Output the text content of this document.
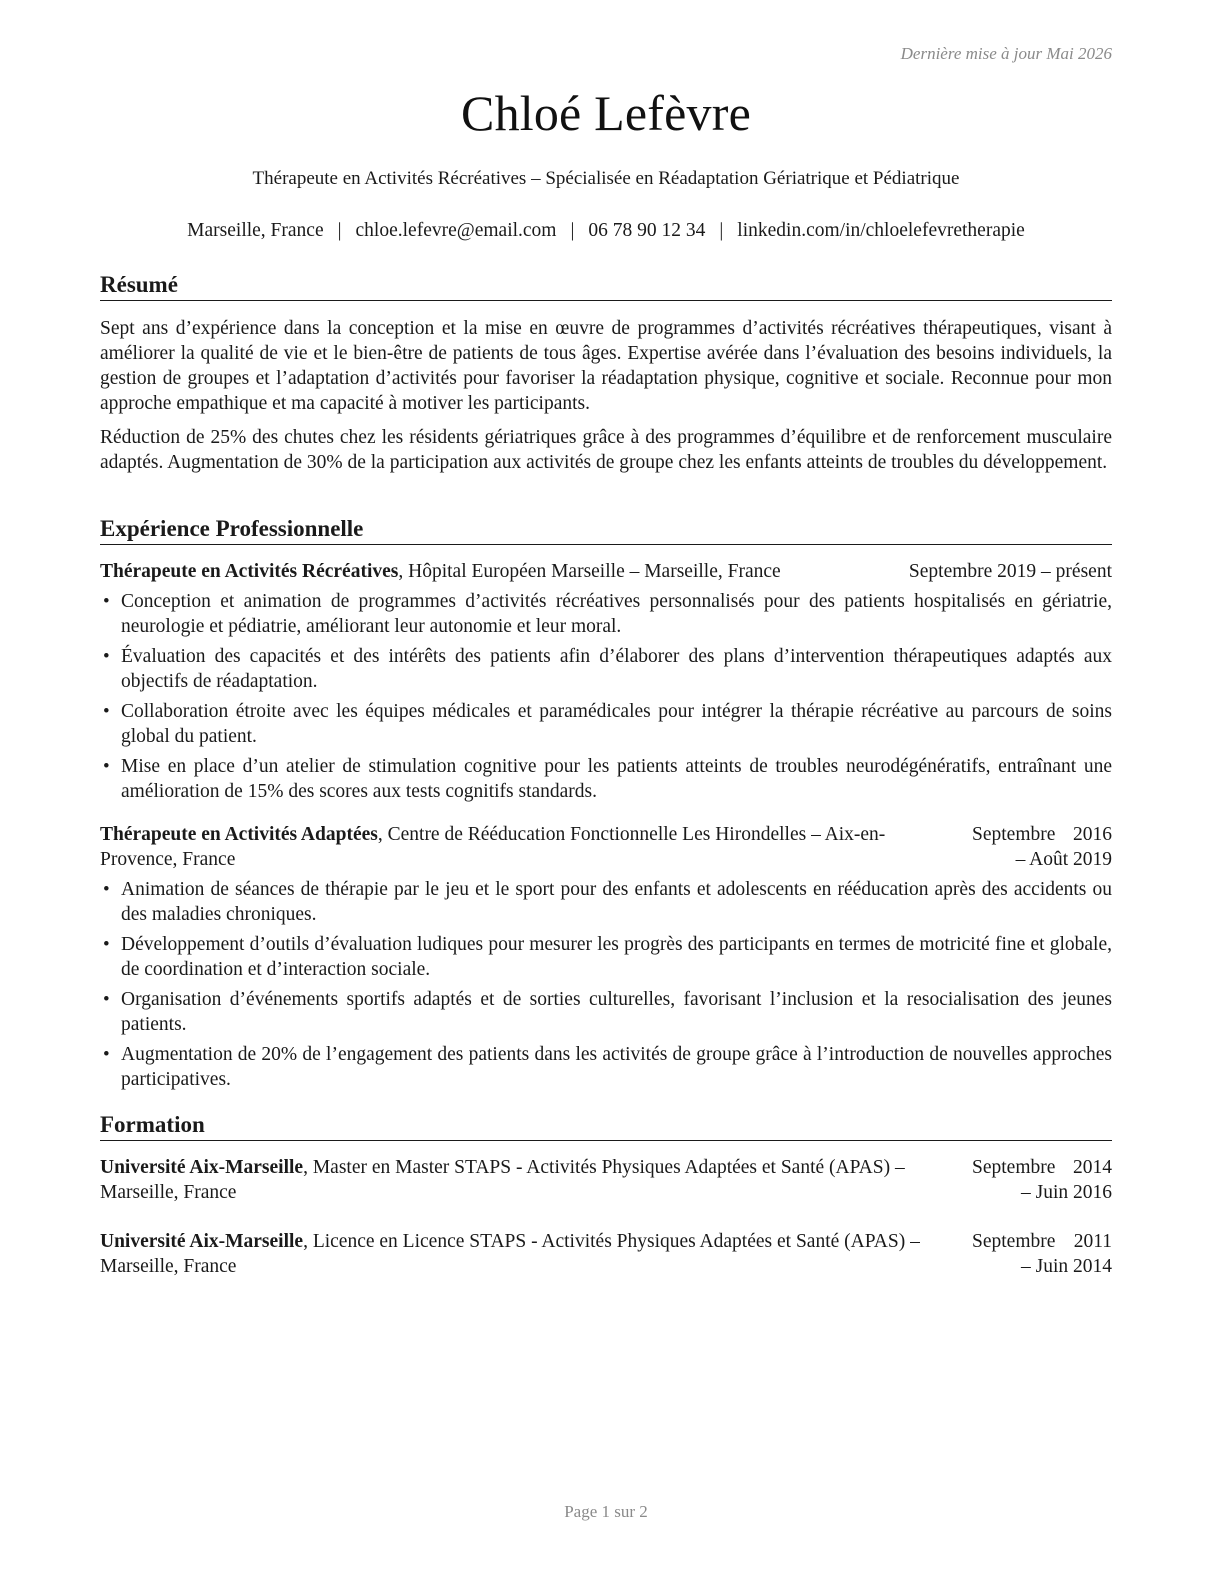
Dernière mise à jour Mai 2026
Chloé Lefèvre
Thérapeute en Activités Récréatives – Spécialisée en Réadaptation Gériatrique et Pédiatrique
Marseille, France | chloe.lefevre@email.com | 06 78 90 12 34 | linkedin.com/in/chloelefevretherapie
Résumé

Sept ans d’expérience dans la conception et la mise en œuvre de programmes d’activités récréatives thérapeutiques, visant à améliorer la qualité de vie et le bien-être de patients de tous âges. Expertise avérée dans l’évaluation des besoins individuels, la gestion de groupes et l’adaptation d’activités pour favoriser la réadaptation physique, cognitive et sociale. Reconnue pour mon approche empathique et ma capacité à motiver les participants.

Réduction de 25% des chutes chez les résidents gériatriques grâce à des programmes d’équilibre et de renforcement musculaire adaptés. Augmentation de 30% de la participation aux activités de groupe chez les enfants atteints de troubles du développement.

Expérience Professionnelle
Thérapeute en Activités Récréatives, Hôpital Européen Marseille – Marseille, France	Septembre 2019 – présent
• Conception et animation de programmes d’activités récréatives personnalisés pour des patients hospitalisés en gériatrie, neurologie et pédiatrie, améliorant leur autonomie et leur moral.
• Évaluation des capacités et des intérêts des patients afin d’élaborer des plans d’intervention thérapeutiques adaptés aux objectifs de réadaptation.
• Collaboration étroite avec les équipes médicales et paramédicales pour intégrer la thérapie récréative au parcours de soins global du patient.
• Mise en place d’un atelier de stimulation cognitive pour les patients atteints de troubles neurodégénératifs, entraînant une amélioration de 15% des scores aux tests cognitifs standards.
Thérapeute en Activités Adaptées, Centre de Rééducation Fonctionnelle Les Hirondelles – Aix-en-Provence, France
Septembre 2016 – Août 2019
• Animation de séances de thérapie par le jeu et le sport pour des enfants et adolescents en rééducation après des accidents ou des maladies chroniques.
• Développement d’outils d’évaluation ludiques pour mesurer les progrès des participants en termes de motricité fine et globale, de coordination et d’interaction sociale.
• Organisation d’événements sportifs adaptés et de sorties culturelles, favorisant l’inclusion et la resocialisation des jeunes patients.
• Augmentation de 20% de l’engagement des patients dans les activités de groupe grâce à l’introduction de nouvelles approches participatives.
Formation
Université Aix-Marseille, Master en Master STAPS - Activités Physiques Adaptées et Santé (APAS) – Marseille, France
Septembre 2014 – Juin 2016
Université Aix-Marseille, Licence en Licence STAPS - Activités Physiques Adaptées et Santé (APAS) – Marseille, France
Septembre 2011 – Juin 2014
Page 1 sur 2
